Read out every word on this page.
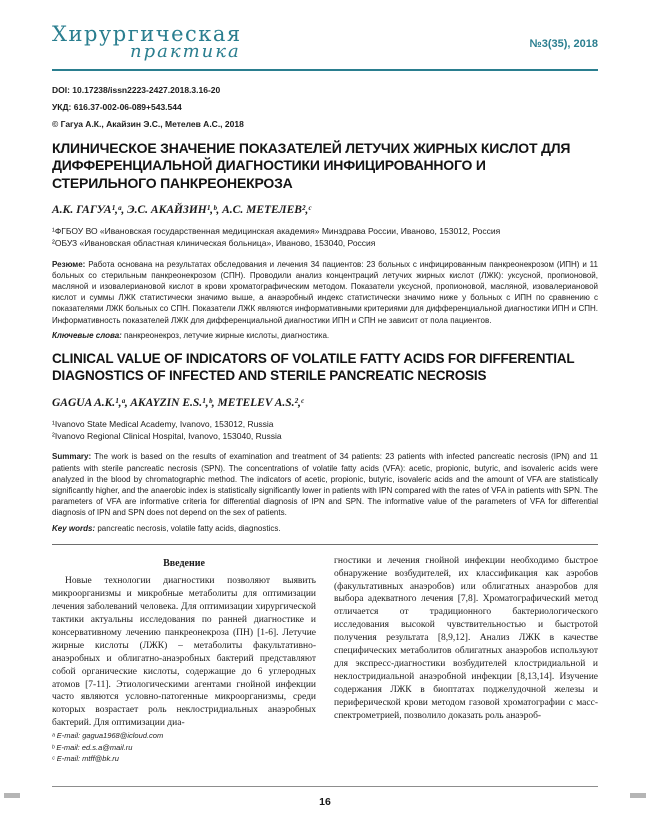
Хирургическая
практика	№3(35), 2018
DOI: 10.17238/issn2223-2427.2018.3.16-20
УКД: 616.37-002-06-089+543.544
© Гагуа А.К., Акайзин Э.С., Метелев А.С., 2018
КЛИНИЧЕСКОЕ ЗНАЧЕНИЕ ПОКАЗАТЕЛЕЙ ЛЕТУЧИХ ЖИРНЫХ КИСЛОТ ДЛЯ ДИФФЕРЕНЦИАЛЬНОЙ ДИАГНОСТИКИ ИНФИЦИРОВАННОГО И СТЕРИЛЬНОГО ПАНКРЕОНЕКРОЗА
А.К. ГАГУА¹,ᵃ, Э.С. АКАЙЗИН¹,ᵇ, А.С. МЕТЕЛЕВ²,ᶜ
¹ФГБОУ ВО «Ивановская государственная медицинская академия» Минздрава России, Иваново, 153012, Россия
²ОБУЗ «Ивановская областная клиническая больница», Иваново, 153040, Россия

Резюме: Работа основана на результатах обследования и лечения 34 пациентов: 23 больных с инфицированным панкреонекрозом (ИПН) и 11 больных со стерильным панкреонекрозом (СПН). Проводили анализ концентраций летучих жирных кислот (ЛЖК): уксусной, пропионовой, масляной и изовалериановой кислот в крови хроматографическим методом. Показатели уксусной, пропионовой, масляной, изовалериановой кислот и суммы ЛЖК статистически значимо выше, а анаэробный индекс статистически значимо ниже у больных с ИПН по сравнению с показателями ЛЖК больных со СПН. Показатели ЛЖК являются информативными критериями для дифференциальной диагностики ИПН и СПН. Информативность показателей ЛЖК для дифференциальной диагностики ИПН и СПН не зависит от пола пациентов.

Ключевые слова: панкреонекроз, летучие жирные кислоты, диагностика.

CLINICAL VALUE OF INDICATORS OF VOLATILE FATTY ACIDS FOR DIFFERENTIAL DIAGNOSTICS OF INFECTED AND STERILE PANCREATIC NECROSIS
GAGUA A.K.¹,ᵃ, AKAYZIN E.S.¹,ᵇ, METELEV A.S.²,ᶜ
¹Ivanovo State Medical Academy, Ivanovo, 153012, Russia
²Ivanovo Regional Clinical Hospital, Ivanovo, 153040, Russia

Summary: The work is based on the results of examination and treatment of 34 patients: 23 patients with infected pancreatic necrosis (IPN) and 11 patients with sterile pancreatic necrosis (SPN). The concentrations of volatile fatty acids (VFA): acetic, propionic, butyric, and isovaleric acids were analyzed in the blood by chromatographic method. The indicators of acetic, propionic, butyric, isovaleric acids and the amount of VFA are statistically significantly higher, and the anaerobic index is statistically significantly lower in patients with IPN compared with the rates of VFA in patients with SPN. The parameters of VFA are informative criteria for differential diagnosis of IPN and SPN. The informative value of the parameters of VFA for differential diagnosis of IPN and SPN does not depend on the sex of patients.

Key words: pancreatic necrosis, volatile fatty acids, diagnostics.

Введение

Новые технологии диагностики позволяют выявить микроорганизмы и микробные метаболиты для оптимизации лечения заболеваний человека. Для оптимизации хирургической тактики актуальны исследования по ранней диагностике и консервативному лечению панкреонекроза (ПН) [1-6]. Летучие жирные кислоты (ЛЖК) – метаболиты факультативно-анаэробных и облигатно-анаэробных бактерий представляют собой органические кислоты, содержащие до 6 углеродных атомов [7-11]. Этиологическими агентами гнойной инфекции часто являются условно-патогенные микроорганизмы, среди которых возрастает роль неклостридиальных анаэробных бактерий. Для оптимизации диа-

гностики и лечения гнойной инфекции необходимо быстрое обнаружение возбудителей, их классификация как аэробов (факультативных анаэробов) или облигатных анаэробов для выбора адекватного лечения [7,8]. Хроматографический метод отличается от традиционного бактериологического исследования высокой чувствительностью и быстротой получения результата [8,9,12]. Анализ ЛЖК в качестве специфических метаболитов облигатных анаэробов используют для экспресс-диагностики возбудителей клостридиальной и неклостридиальной анаэробной инфекции [8,13,14]. Изучение содержания ЛЖК в биоптатах поджелудочной железы и периферической крови методом газовой хроматографии с масс-спектрометрией, позволило доказать роль анаэроб-

ᵃ E-mail: gagua1968@icloud.com
ᵇ E-mail: ed.s.a@mail.ru
ᶜ E-mail: mtff@bk.ru
16
